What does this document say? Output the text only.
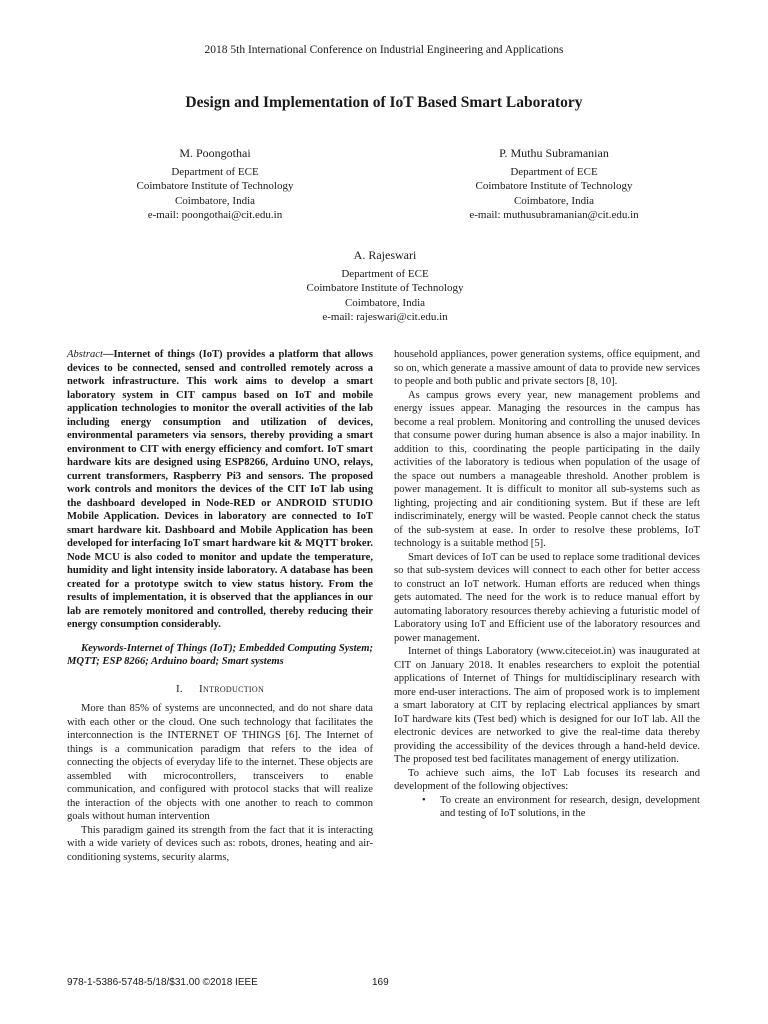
2018 5th International Conference on Industrial Engineering and Applications
Design and Implementation of IoT Based Smart Laboratory
M. Poongothai
Department of ECE
Coimbatore Institute of Technology
Coimbatore, India
e-mail: poongothai@cit.edu.in
P. Muthu Subramanian
Department of ECE
Coimbatore Institute of Technology
Coimbatore, India
e-mail: muthusubramanian@cit.edu.in
A. Rajeswari
Department of ECE
Coimbatore Institute of Technology
Coimbatore, India
e-mail: rajeswari@cit.edu.in
Abstract—Internet of things (IoT) provides a platform that allows devices to be connected, sensed and controlled remotely across a network infrastructure. This work aims to develop a smart laboratory system in CIT campus based on IoT and mobile application technologies to monitor the overall activities of the lab including energy consumption and utilization of devices, environmental parameters via sensors, thereby providing a smart environment to CIT with energy efficiency and comfort. IoT smart hardware kits are designed using ESP8266, Arduino UNO, relays, current transformers, Raspberry Pi3 and sensors. The proposed work controls and monitors the devices of the CIT IoT lab using the dashboard developed in Node-RED or ANDROID STUDIO Mobile Application. Devices in laboratory are connected to IoT smart hardware kit. Dashboard and Mobile Application has been developed for interfacing IoT smart hardware kit & MQTT broker. Node MCU is also coded to monitor and update the temperature, humidity and light intensity inside laboratory. A database has been created for a prototype switch to view status history. From the results of implementation, it is observed that the appliances in our lab are remotely monitored and controlled, thereby reducing their energy consumption considerably.
Keywords-Internet of Things (IoT); Embedded Computing System; MQTT; ESP 8266; Arduino board; Smart systems
I. Introduction

More than 85% of systems are unconnected, and do not share data with each other or the cloud. One such technology that facilitates the interconnection is the INTERNET OF THINGS [6]. The Internet of things is a communication paradigm that refers to the idea of connecting the objects of everyday life to the internet. These objects are assembled with microcontrollers, transceivers to enable communication, and configured with protocol stacks that will realize the interaction of the objects with one another to reach to common goals without human intervention

This paradigm gained its strength from the fact that it is interacting with a wide variety of devices such as: robots, drones, heating and air-conditioning systems, security alarms,

household appliances, power generation systems, office equipment, and so on, which generate a massive amount of data to provide new services to people and both public and private sectors [8, 10].

As campus grows every year, new management problems and energy issues appear. Managing the resources in the campus has become a real problem. Monitoring and controlling the unused devices that consume power during human absence is also a major inability. In addition to this, coordinating the people participating in the daily activities of the laboratory is tedious when population of the usage of the space out numbers a manageable threshold. Another problem is power management. It is difficult to monitor all sub-systems such as lighting, projecting and air conditioning system. But if these are left indiscriminately, energy will be wasted. People cannot check the status of the sub-system at ease. In order to resolve these problems, IoT technology is a suitable method [5].

Smart devices of IoT can be used to replace some traditional devices so that sub-system devices will connect to each other for better access to construct an IoT network. Human efforts are reduced when things gets automated. The need for the work is to reduce manual effort by automating laboratory resources thereby achieving a futuristic model of Laboratory using IoT and Efficient use of the laboratory resources and power management.

Internet of things Laboratory (www.citeceiot.in) was inaugurated at CIT on January 2018. It enables researchers to exploit the potential applications of Internet of Things for multidisciplinary research with more end-user interactions. The aim of proposed work is to implement a smart laboratory at CIT by replacing electrical appliances by smart IoT hardware kits (Test bed) which is designed for our IoT lab. All the electronic devices are networked to give the real-time data thereby providing the accessibility of the devices through a hand-held device. The proposed test bed facilitates management of energy utilization.

To achieve such aims, the IoT Lab focuses its research and development of the following objectives:

• To create an environment for research, design, development and testing of IoT solutions, in the
978-1-5386-5748-5/18/$31.00 ©2018 IEEE	169
